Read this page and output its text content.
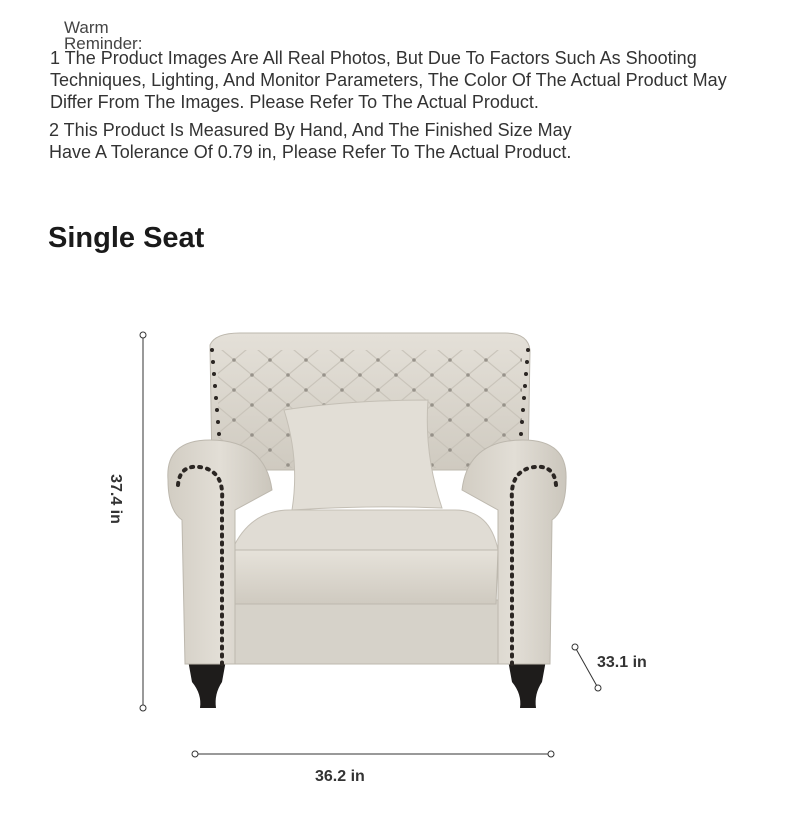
Warm Reminder:
1 The Product Images Are All Real Photos, But Due To Factors Such As Shooting
Techniques, Lighting, And Monitor Parameters, The Color Of The Actual Product May
Differ From The Images. Please Refer To The Actual Product.
2 This Product Is Measured By Hand, And The Finished Size May
Have A Tolerance Of 0.79 in, Please Refer To The Actual Product.
Single Seat
37.4 in
33.1 in
36.2 in
